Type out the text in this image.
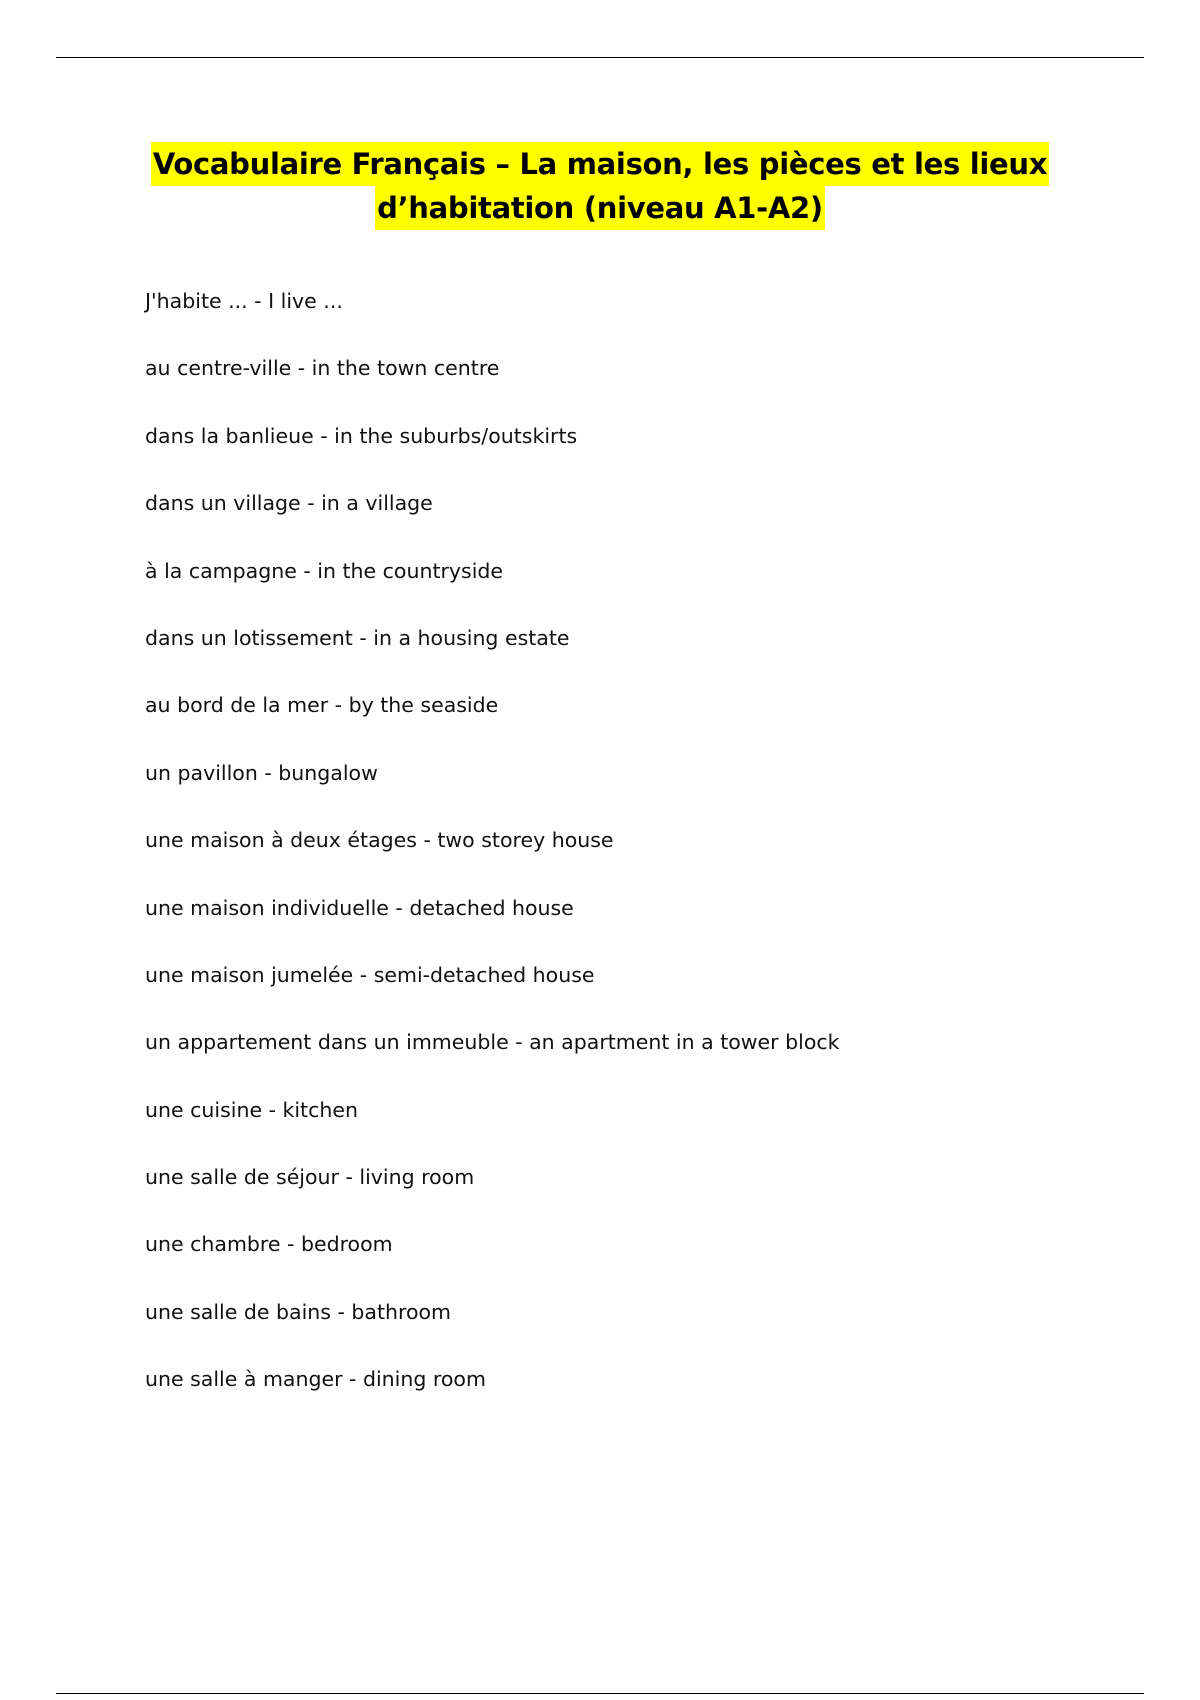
Vocabulaire Français – La maison, les pièces et les lieux
d’habitation (niveau A1-A2)
J'habite ... - I live ...
au centre-ville - in the town centre
dans la banlieue - in the suburbs/outskirts
dans un village - in a village
à la campagne - in the countryside
dans un lotissement - in a housing estate
au bord de la mer - by the seaside
un pavillon - bungalow
une maison à deux étages - two storey house
une maison individuelle - detached house
une maison jumelée - semi-detached house
un appartement dans un immeuble - an apartment in a tower block
une cuisine - kitchen
une salle de séjour - living room
une chambre - bedroom
une salle de bains - bathroom
une salle à manger - dining room
